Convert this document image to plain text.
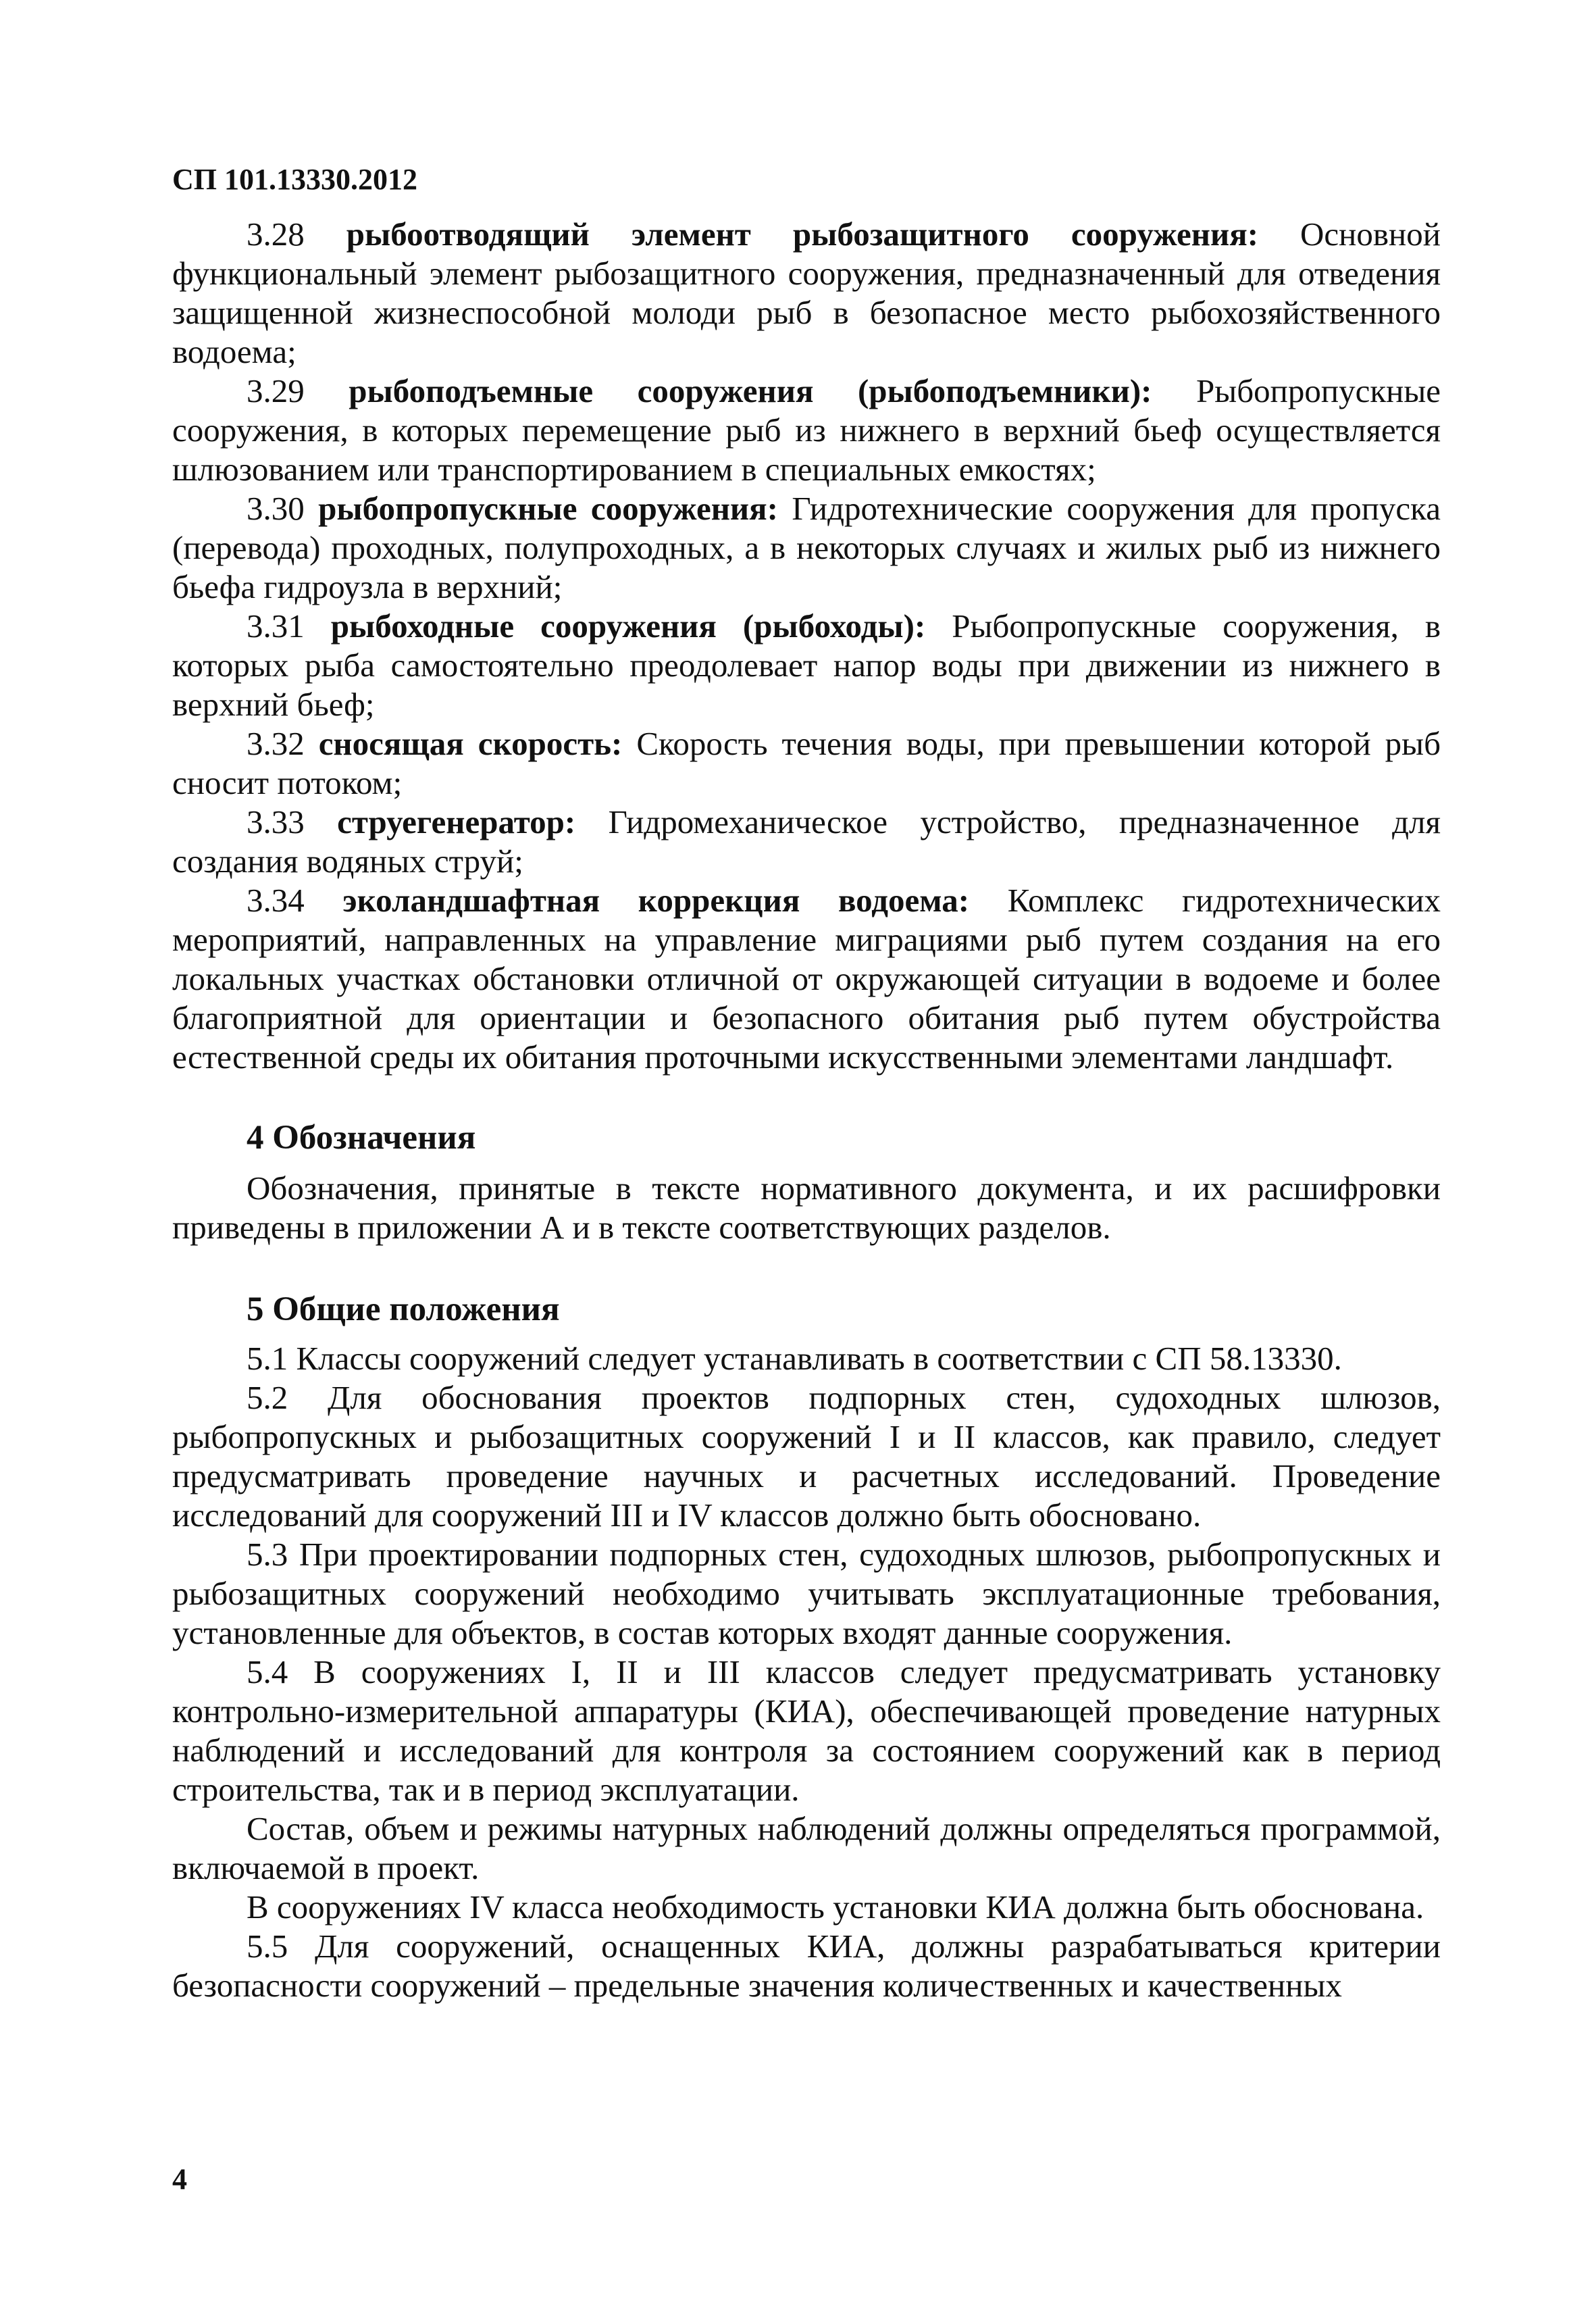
СП 101.13330.2012

3.28 рыбоотводящий элемент рыбозащитного сооружения: Основной функциональный элемент рыбозащитного сооружения, предназначенный для отведения защищенной жизнеспособной молоди рыб в безопасное место рыбохозяйственного водоема;

3.29 рыбоподъемные сооружения (рыбоподъемники): Рыбопропускные сооружения, в которых перемещение рыб из нижнего в верхний бьеф осуществляется шлюзованием или транспортированием в специальных емкостях;

3.30 рыбопропускные сооружения: Гидротехнические сооружения для пропуска (перевода) проходных, полупроходных, а в некоторых случаях и жилых рыб из нижнего бьефа гидроузла в верхний;

3.31 рыбоходные сооружения (рыбоходы): Рыбопропускные сооружения, в которых рыба самостоятельно преодолевает напор воды при движении из нижнего в верхний бьеф;

3.32 сносящая скорость: Скорость течения воды, при превышении которой рыб сносит потоком;

3.33 струегенератор: Гидромеханическое устройство, предназначенное для создания водяных струй;

3.34 эколандшафтная коррекция водоема: Комплекс гидротехнических мероприятий, направленных на управление миграциями рыб путем создания на его локальных участках обстановки отличной от окружающей ситуации в водоеме и более благоприятной для ориентации и безопасного обитания рыб путем обустройства естественной среды их обитания проточными искусственными элементами ландшафт.

4 Обозначения

Обозначения, принятые в тексте нормативного документа, и их расшифровки приведены в приложении А и в тексте соответствующих разделов.

5 Общие положения

5.1 Классы сооружений следует устанавливать в соответствии с СП 58.13330.

5.2 Для обоснования проектов подпорных стен, судоходных шлюзов, рыбопропускных и рыбозащитных сооружений I и II классов, как правило, следует предусматривать проведение научных и расчетных исследований. Проведение исследований для сооружений III и IV классов должно быть обосновано.

5.3 При проектировании подпорных стен, судоходных шлюзов, рыбопропускных и рыбозащитных сооружений необходимо учитывать эксплуатационные требования, установленные для объектов, в состав которых входят данные сооружения.

5.4 В сооружениях I, II и III классов следует предусматривать установку контрольно-измерительной аппаратуры (КИА), обеспечивающей проведение натурных наблюдений и исследований для контроля за состоянием сооружений как в период строительства, так и в период эксплуатации.

Состав, объем и режимы натурных наблюдений должны определяться программой, включаемой в проект.

В сооружениях IV класса необходимость установки КИА должна быть обоснована.

5.5 Для сооружений, оснащенных КИА, должны разрабатываться критерии безопасности сооружений – предельные значения количественных и качественных

4
